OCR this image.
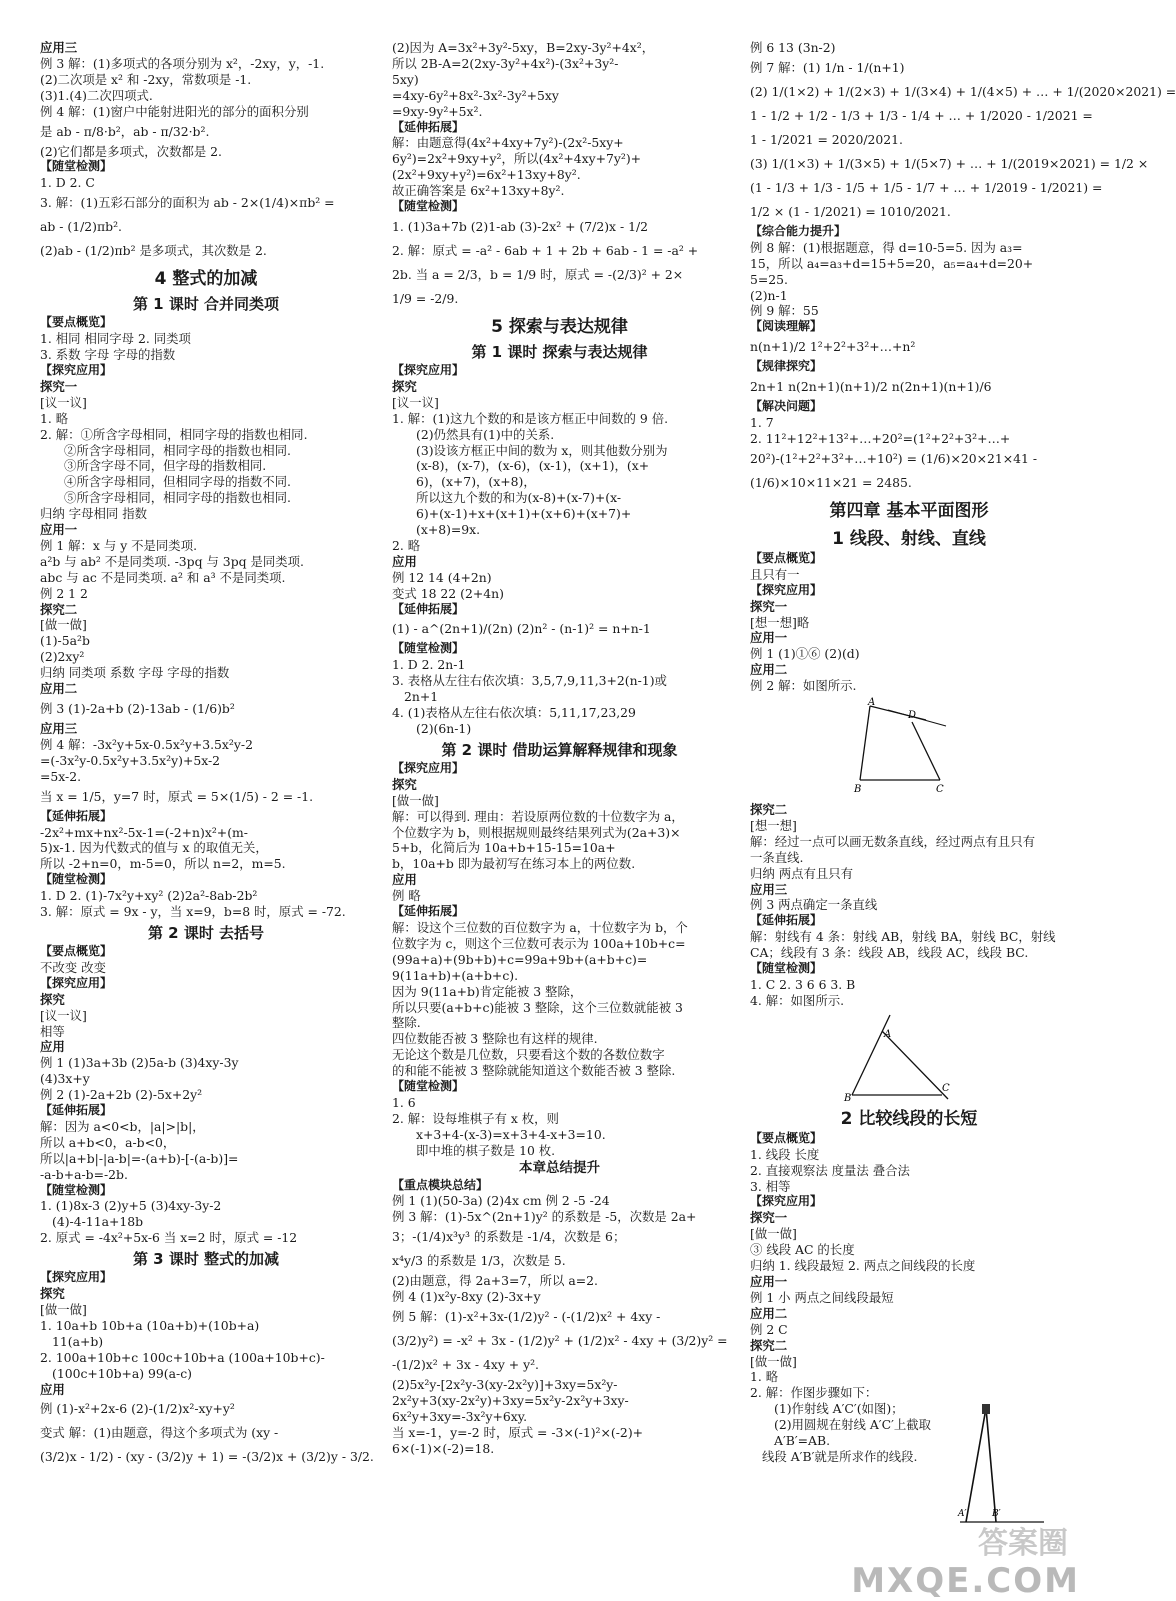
应用三
例 3 解：(1)多项式的各项分别为 x²，-2xy，y，-1.
(2)二次项是 x² 和 -2xy，常数项是 -1.
(3)1.(4)二次四项式.
例 4 解：(1)窗户中能射进阳光的部分的面积分别
是 ab - π/8·b²，ab - π/32·b².
(2)它们都是多项式，次数都是 2.
【随堂检测】
1. D 2. C
3. 解：(1)五彩石部分的面积为 ab - 2×(1/4)×πb² =
ab - (1/2)πb².
(2)ab - (1/2)πb² 是多项式，其次数是 2.
4 整式的加减
第 1 课时 合并同类项
【要点概览】
1. 相同 相同字母 2. 同类项
3. 系数 字母 字母的指数
【探究应用】
探究一
[议一议]
1. 略
2. 解：①所含字母相同，相同字母的指数也相同.
②所含字母相同，相同字母的指数也相同.
③所含字母不同，但字母的指数相同.
④所含字母相同，但相同字母的指数不同.
⑤所含字母相同，相同字母的指数也相同.
归纳 字母相同 指数
应用一
例 1 解：x 与 y 不是同类项.
a²b 与 ab² 不是同类项. -3pq 与 3pq 是同类项.
abc 与 ac 不是同类项. a² 和 a³ 不是同类项.
例 2 1 2
探究二
[做一做]
(1)-5a²b
(2)2xy²
归纳 同类项 系数 字母 字母的指数
应用二
例 3 (1)-2a+b (2)-13ab - (1/6)b²
应用三
例 4 解：-3x²y+5x-0.5x²y+3.5x²y-2
=(-3x²y-0.5x²y+3.5x²y)+5x-2
=5x-2.
当 x = 1/5，y=7 时，原式 = 5×(1/5) - 2 = -1.
【延伸拓展】
-2x²+mx+nx²-5x-1=(-2+n)x²+(m-
5)x-1. 因为代数式的值与 x 的取值无关，
所以 -2+n=0，m-5=0，所以 n=2，m=5.
【随堂检测】
1. D 2. (1)-7x²y+xy² (2)2a²-8ab-2b²
3. 解：原式 = 9x - y，当 x=9，b=8 时，原式 = -72.
第 2 课时 去括号
【要点概览】
不改变 改变
【探究应用】
探究
[议一议]
相等
应用
例 1 (1)3a+3b (2)5a-b (3)4xy-3y
(4)3x+y
例 2 (1)-2a+2b (2)-5x+2y²
【延伸拓展】
解：因为 a<0<b，|a|>|b|，
所以 a+b<0，a-b<0，
所以|a+b|-|a-b|=-(a+b)-[-(a-b)]=
-a-b+a-b=-2b.
【随堂检测】
1. (1)8x-3 (2)y+5 (3)4xy-3y-2
(4)-4-11a+18b
2. 原式 = -4x²+5x-6 当 x=2 时，原式 = -12
第 3 课时 整式的加减
【探究应用】
探究
[做一做]
1. 10a+b 10b+a (10a+b)+(10b+a)
11(a+b)
2. 100a+10b+c 100c+10b+a (100a+10b+c)-
(100c+10b+a) 99(a-c)
应用
例 (1)-x²+2x-6 (2)-(1/2)x²-xy+y²
变式 解：(1)由题意，得这个多项式为 (xy -
(3/2)x - 1/2) - (xy - (3/2)y + 1) = -(3/2)x + (3/2)y - 3/2.
(2)因为 A=3x²+3y²-5xy，B=2xy-3y²+4x²，
所以 2B-A=2(2xy-3y²+4x²)-(3x²+3y²-
5xy)
=4xy-6y²+8x²-3x²-3y²+5xy
=9xy-9y²+5x².
【延伸拓展】
解：由题意得(4x²+4xy+7y²)-(2x²-5xy+
6y²)=2x²+9xy+y²，所以(4x²+4xy+7y²)+
(2x²+9xy+y²)=6x²+13xy+8y².
故正确答案是 6x²+13xy+8y².
【随堂检测】
1. (1)3a+7b (2)1-ab (3)-2x² + (7/2)x - 1/2
2. 解：原式 = -a² - 6ab + 1 + 2b + 6ab - 1 = -a² +
2b. 当 a = 2/3，b = 1/9 时，原式 = -(2/3)² + 2×
1/9 = -2/9.
5 探索与表达规律
第 1 课时 探索与表达规律
【探究应用】
探究
[议一议]
1. 解：(1)这九个数的和是该方框正中间数的 9 倍.
(2)仍然具有(1)中的关系.
(3)设该方框正中间的数为 x，则其他数分别为
(x-8)，(x-7)，(x-6)，(x-1)，(x+1)，(x+
6)，(x+7)，(x+8)，
所以这九个数的和为(x-8)+(x-7)+(x-
6)+(x-1)+x+(x+1)+(x+6)+(x+7)+
(x+8)=9x.
2. 略
应用
例 12 14 (4+2n)
变式 18 22 (2+4n)
【延伸拓展】
(1) - a^(2n+1)/(2n) (2)n² - (n-1)² = n+n-1
【随堂检测】
1. D 2. 2n-1
3. 表格从左往右依次填：3,5,7,9,11,3+2(n-1)或
2n+1
4. (1)表格从左往右依次填：5,11,17,23,29
(2)(6n-1)
第 2 课时 借助运算解释规律和现象
【探究应用】
探究
[做一做]
解：可以得到. 理由：若设原两位数的十位数字为 a，
个位数字为 b，则根据规则最终结果列式为(2a+3)×
5+b，化简后为 10a+b+15-15=10a+
b，10a+b 即为最初写在练习本上的两位数.
应用
例 略
【延伸拓展】
解：设这个三位数的百位数字为 a，十位数字为 b，个
位数字为 c，则这个三位数可表示为 100a+10b+c=
(99a+a)+(9b+b)+c=99a+9b+(a+b+c)=
9(11a+b)+(a+b+c).
因为 9(11a+b)肯定能被 3 整除，
所以只要(a+b+c)能被 3 整除，这个三位数就能被 3
整除.
四位数能否被 3 整除也有这样的规律.
无论这个数是几位数，只要看这个数的各数位数字
的和能不能被 3 整除就能知道这个数能否被 3 整除.
【随堂检测】
1. 6
2. 解：设每堆棋子有 x 枚，则
x+3+4-(x-3)=x+3+4-x+3=10.
即中堆的棋子数是 10 枚.
本章总结提升
【重点模块总结】
例 1 (1)(50-3a) (2)4x cm 例 2 -5 -24
例 3 解：(1)-5x^(2n+1)y² 的系数是 -5，次数是 2a+
3；-(1/4)x³y³ 的系数是 -1/4，次数是 6；
x⁴y/3 的系数是 1/3，次数是 5.
(2)由题意，得 2a+3=7，所以 a=2.
例 4 (1)x²y-8xy (2)-3x+y
例 5 解：(1)-x²+3x-(1/2)y² - (-(1/2)x² + 4xy -
(3/2)y²) = -x² + 3x - (1/2)y² + (1/2)x² - 4xy + (3/2)y² =
-(1/2)x² + 3x - 4xy + y².
(2)5x²y-[2x²y-3(xy-2x²y)]+3xy=5x²y-
2x²y+3(xy-2x²y)+3xy=5x²y-2x²y+3xy-
6x²y+3xy=-3x²y+6xy.
当 x=-1，y=-2 时，原式 = -3×(-1)²×(-2)+
6×(-1)×(-2)=18.
例 6 13 (3n-2)
例 7 解：(1) 1/n - 1/(n+1)
(2) 1/(1×2) + 1/(2×3) + 1/(3×4) + 1/(4×5) + … + 1/(2020×2021) =
1 - 1/2 + 1/2 - 1/3 + 1/3 - 1/4 + … + 1/2020 - 1/2021 =
1 - 1/2021 = 2020/2021.
(3) 1/(1×3) + 1/(3×5) + 1/(5×7) + … + 1/(2019×2021) = 1/2 ×
(1 - 1/3 + 1/3 - 1/5 + 1/5 - 1/7 + … + 1/2019 - 1/2021) =
1/2 × (1 - 1/2021) = 1010/2021.
【综合能力提升】
例 8 解：(1)根据题意，得 d=10-5=5. 因为 a₃=
15，所以 a₄=a₃+d=15+5=20，a₅=a₄+d=20+
5=25.
(2)n-1
例 9 解：55
【阅读理解】
n(n+1)/2 1²+2²+3²+…+n²
【规律探究】
2n+1 n(2n+1)(n+1)/2 n(2n+1)(n+1)/6
【解决问题】
1. 7
2. 11²+12²+13²+…+20²=(1²+2²+3²+…+
20²)-(1²+2²+3²+…+10²) = (1/6)×20×21×41 -
(1/6)×10×11×21 = 2485.
第四章 基本平面图形
1 线段、射线、直线
【要点概览】
且只有一
【探究应用】
探究一
[想一想]略
应用一
例 1 (1)①⑥ (2)(d)
应用二
例 2 解：如图所示.
A
D
B	C
探究二
[想一想]
解：经过一点可以画无数条直线，经过两点有且只有
一条直线.
归纳 两点有且只有
应用三
例 3 两点确定一条直线
【延伸拓展】
解：射线有 4 条：射线 AB，射线 BA，射线 BC，射线
CA；线段有 3 条：线段 AB，线段 AC，线段 BC.
【随堂检测】
1. C 2. 3 6 6 3. B
4. 解：如图所示.
A
B
C
2 比较线段的长短
【要点概览】
1. 线段 长度
2. 直接观察法 度量法 叠合法
3. 相等
【探究应用】
探究一
[做一做]
③ 线段 AC 的长度
归纳 1. 线段最短 2. 两点之间线段的长度
应用一
例 1 小 两点之间线段最短
应用二
例 2 C
探究二
[做一做]
1. 略
2. 解：作图步骤如下：
(1)作射线 A′C′(如图)；
(2)用圆规在射线 A′C′上截取
A′B′=AB.
线段 A′B′就是所求作的线段.
A′	B′
答案圈
MXQE.COM
